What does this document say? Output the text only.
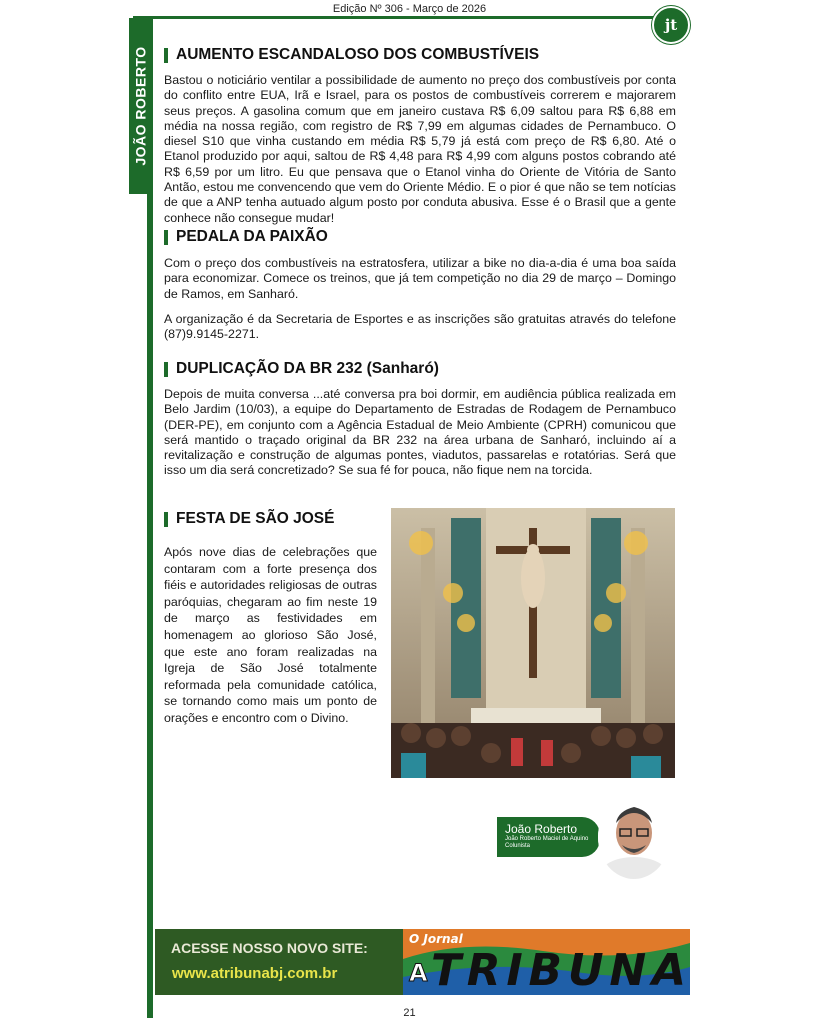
Edição Nº 306 - Março de 2026
jt
JOÃO ROBERTO AUMENTO ESCANDALOSO DOS COMBUSTÍVEIS
Bastou o noticiário ventilar a possibilidade de aumento no preço dos combustíveis por conta do conflito entre EUA, Irã e Israel, para os postos de combustíveis correrem e majorarem seus preços. A gasolina comum que em janeiro custava R$ 6,09 saltou para R$ 6,88 em média na nossa região, com registro de R$ 7,99 em algumas cidades de Pernambuco. O diesel S10 que vinha custando em média R$ 5,79 já está com preço de R$ 6,80. Até o Etanol produzido por aqui, saltou de R$ 4,48 para R$ 4,99 com alguns postos cobrando até R$ 6,59 por um litro. Eu que pensava que o Etanol vinha do Oriente de Vitória de Santo Antão, estou me convencendo que vem do Oriente Médio. E o pior é que não se tem notícias de que a ANP tenha autuado algum posto por conduta abusiva. Esse é o Brasil que a gente conhece não consegue mudar!
PEDALA DA PAIXÃO
Com o preço dos combustíveis na estratosfera, utilizar a bike no dia-a-dia é uma boa saída para economizar. Comece os treinos, que já tem competição no dia 29 de março – Domingo de Ramos, em Sanharó.
A organização é da Secretaria de Esportes e as inscrições são gratuitas através do telefone (87)9.9145-2271.
DUPLICAÇÃO DA BR 232 (Sanharó)
Depois de muita conversa ...até conversa pra boi dormir, em audiência pública realizada em Belo Jardim (10/03), a equipe do Departamento de Estradas de Rodagem de Pernambuco (DER-PE), em conjunto com a Agência Estadual de Meio Ambiente (CPRH) comunicou que será mantido o traçado original da BR 232 na área urbana de Sanharó, incluindo aí a revitalização e construção de algumas pontes, viadutos, passarelas e rotatórias. Será que isso um dia será concretizado? Se sua fé for pouca, não fique nem na torcida.
FESTA DE SÃO JOSÉ
Após nove dias de celebrações que contaram com a forte presença dos fiéis e autoridades religiosas de outras paróquias, chegaram ao fim neste 19 de março as festividades em homenagem ao glorioso São José, que este ano foram realizadas na Igreja de São José totalmente reformada pela comunidade católica, se tornando como mais um ponto de orações e encontro com o Divino.
João Roberto
João Roberto Maciel de Aquino
Colunista
ACESSE NOSSO NOVO SITE:
www.atribunabj.com.br
O Jornal
A TRIBUNA
21
